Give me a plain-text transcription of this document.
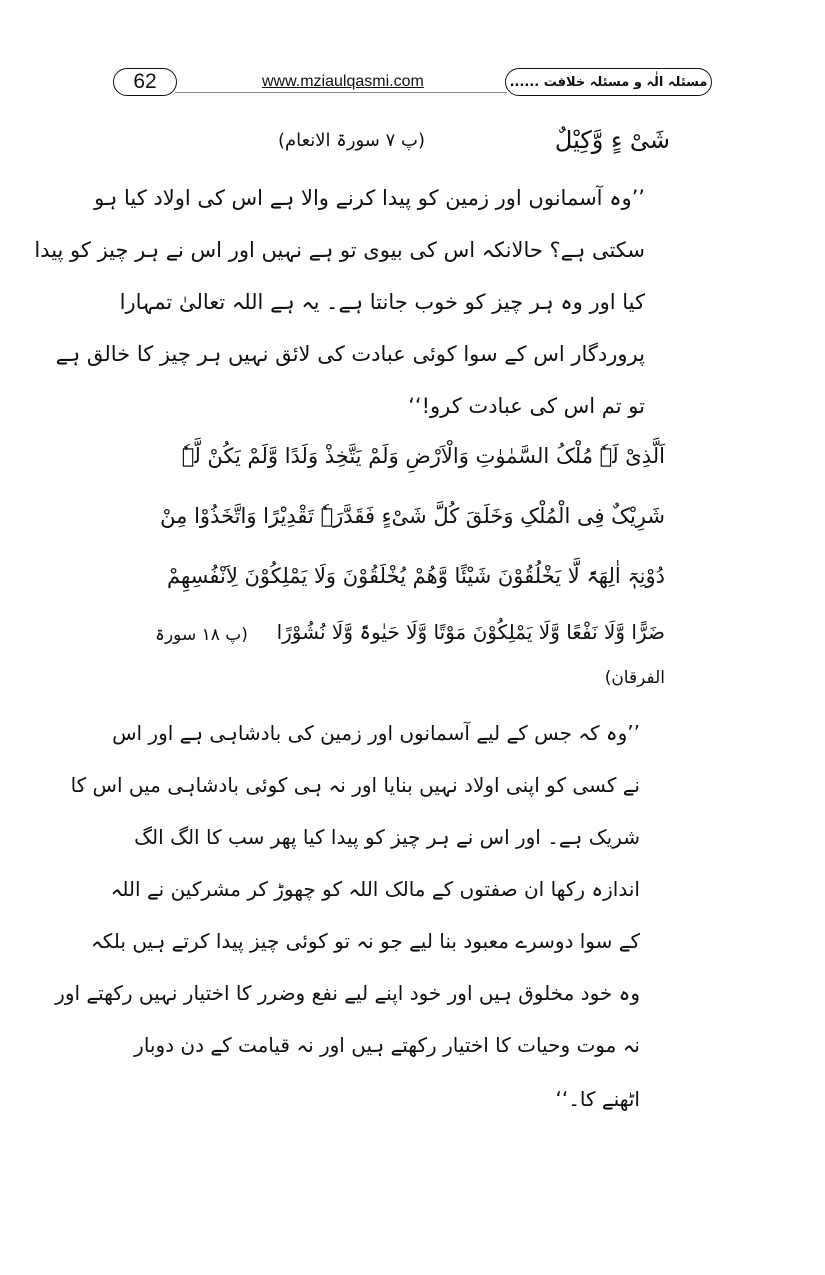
62	www.mziaulqasmi.com	مسئلہ الٰہ و مسئلہ خلافت ......
شَیْ ءٍ وَّکِیْلٌ
(پ ۷ سورۃ الانعام)
’’وہ آسمانوں اور زمین کو پیدا کرنے والا ہے اس کی اولاد کیا ہو
سکتی ہے؟ حالانکہ اس کی بیوی تو ہے نہیں اور اس نے ہر چیز کو پیدا
کیا اور وہ ہر چیز کو خوب جانتا ہے۔ یہ ہے اللہ تعالیٰ تمہارا
پروردگار اس کے سوا کوئی عبادت کی لائق نہیں ہر چیز کا خالق ہے
تو تم اس کی عبادت کرو!‘‘
اَلَّذِیْ لَہٗ مُلْکُ السَّمٰوٰتِ وَالْاَرْضِ وَلَمْ یَتَّخِذْ وَلَدًا وَّلَمْ یَکُنْ لَّہٗ
شَرِیْکٌ فِی الْمُلْکِ وَخَلَقَ کُلَّ شَیْءٍ فَقَدَّرَہٗ تَقْدِیْرًا وَاتَّخَذُوْا مِنْ
دُوْنِہٖٓ اٰلِھَۃً لَّا یَخْلُقُوْنَ شَیْئًا وَّھُمْ یُخْلَقُوْنَ وَلَا یَمْلِکُوْنَ لِاَنْفُسِھِمْ
ضَرًّا وَّلَا نَفْعًا وَّلَا یَمْلِکُوْنَ مَوْتًا وَّلَا حَیٰوۃً وَّلَا نُشُوْرًا
(پ ۱۸ سورۃ
الفرقان)
’’وہ کہ جس کے لیے آسمانوں اور زمین کی بادشاہی ہے اور اس
نے کسی کو اپنی اولاد نہیں بنایا اور نہ ہی کوئی بادشاہی میں اس کا
شریک ہے۔ اور اس نے ہر چیز کو پیدا کیا پھر سب کا الگ الگ
اندازہ رکھا ان صفتوں کے مالک اللہ کو چھوڑ کر مشرکین نے اللہ
کے سوا دوسرے معبود بنا لیے جو نہ تو کوئی چیز پیدا کرتے ہیں بلکہ
وہ خود مخلوق ہیں اور خود اپنے لیے نفع وضرر کا اختیار نہیں رکھتے اور
نہ موت وحیات کا اختیار رکھتے ہیں اور نہ قیامت کے دن دوبار
اٹھنے کا۔‘‘
